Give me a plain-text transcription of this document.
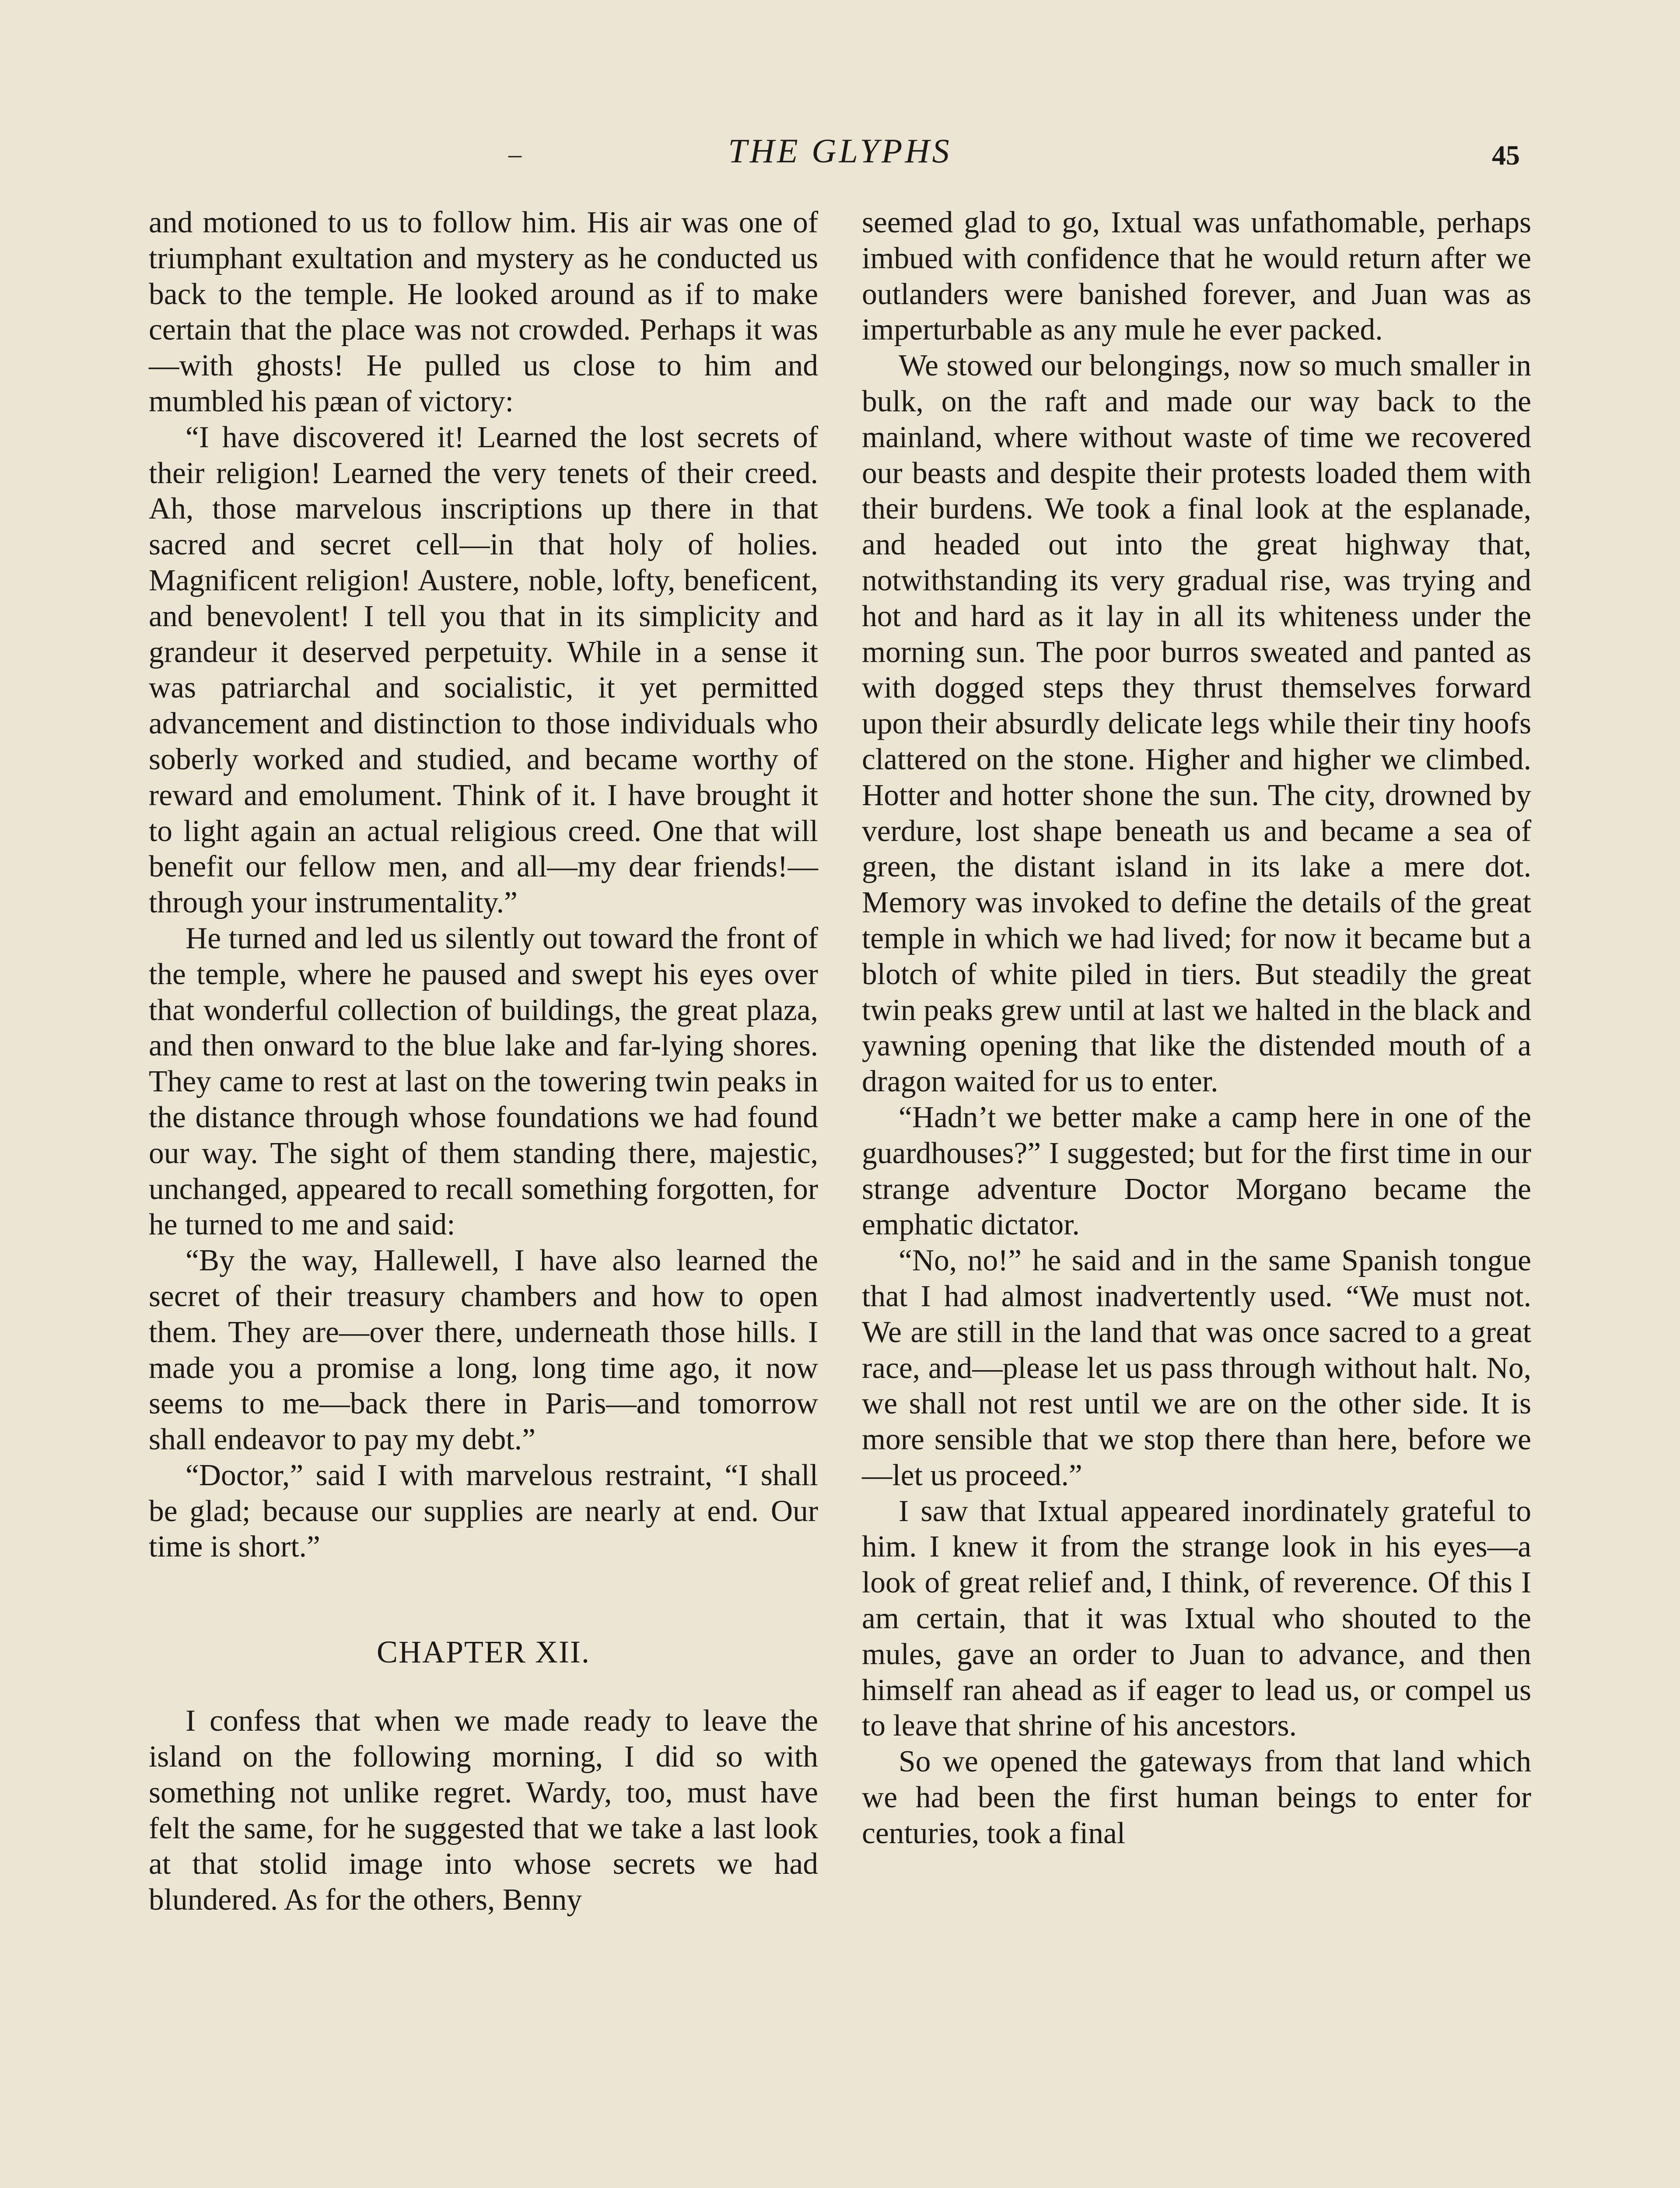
–	THE GLYPHS	45

and motioned to us to follow him. His air was one of triumphant exultation and mystery as he conducted us back to the temple. He looked around as if to make certain that the place was not crowded. Perhaps it was—with ghosts! He pulled us close to him and mumbled his pæan of victory:

“I have discovered it! Learned the lost secrets of their religion! Learned the very tenets of their creed. Ah, those marvelous inscriptions up there in that sacred and secret cell—in that holy of holies. Magnificent religion! Austere, noble, lofty, beneficent, and benevolent! I tell you that in its simplicity and grandeur it deserved perpetuity. While in a sense it was patriarchal and socialistic, it yet permitted advancement and distinction to those individuals who soberly worked and studied, and became worthy of reward and emolument. Think of it. I have brought it to light again an actual religious creed. One that will benefit our fellow men, and all—my dear friends!—through your instrumentality.”

He turned and led us silently out toward the front of the temple, where he paused and swept his eyes over that wonderful collection of buildings, the great plaza, and then onward to the blue lake and far-lying shores. They came to rest at last on the towering twin peaks in the distance through whose foundations we had found our way. The sight of them standing there, majestic, unchanged, appeared to recall something forgotten, for he turned to me and said:

“By the way, Hallewell, I have also learned the secret of their treasury chambers and how to open them. They are—over there, underneath those hills. I made you a promise a long, long time ago, it now seems to me—back there in Paris—and tomorrow shall endeavor to pay my debt.”

“Doctor,” said I with marvelous restraint, “I shall be glad; because our supplies are nearly at end. Our time is short.”

CHAPTER XII.

I confess that when we made ready to leave the island on the following morning, I did so with something not unlike regret. Wardy, too, must have felt the same, for he suggested that we take a last look at that stolid image into whose secrets we had blundered. As for the others, Benny

seemed glad to go, Ixtual was unfathomable, perhaps imbued with confidence that he would return after we outlanders were banished forever, and Juan was as imperturbable as any mule he ever packed.

We stowed our belongings, now so much smaller in bulk, on the raft and made our way back to the mainland, where without waste of time we recovered our beasts and despite their protests loaded them with their burdens. We took a final look at the esplanade, and headed out into the great highway that, notwithstanding its very gradual rise, was trying and hot and hard as it lay in all its whiteness under the morning sun. The poor burros sweated and panted as with dogged steps they thrust themselves forward upon their absurdly delicate legs while their tiny hoofs clattered on the stone. Higher and higher we climbed. Hotter and hotter shone the sun. The city, drowned by verdure, lost shape beneath us and became a sea of green, the distant island in its lake a mere dot. Memory was invoked to define the details of the great temple in which we had lived; for now it became but a blotch of white piled in tiers. But steadily the great twin peaks grew until at last we halted in the black and yawning opening that like the distended mouth of a dragon waited for us to enter.

“Hadn’t we better make a camp here in one of the guardhouses?” I suggested; but for the first time in our strange adventure Doctor Morgano became the emphatic dictator.

“No, no!” he said and in the same Spanish tongue that I had almost inadvertently used. “We must not. We are still in the land that was once sacred to a great race, and—please let us pass through without halt. No, we shall not rest until we are on the other side. It is more sensible that we stop there than here, before we—let us proceed.”

I saw that Ixtual appeared inordinately grateful to him. I knew it from the strange look in his eyes—a look of great relief and, I think, of reverence. Of this I am certain, that it was Ixtual who shouted to the mules, gave an order to Juan to advance, and then himself ran ahead as if eager to lead us, or compel us to leave that shrine of his ancestors.

So we opened the gateways from that land which we had been the first human beings to enter for centuries, took a final
